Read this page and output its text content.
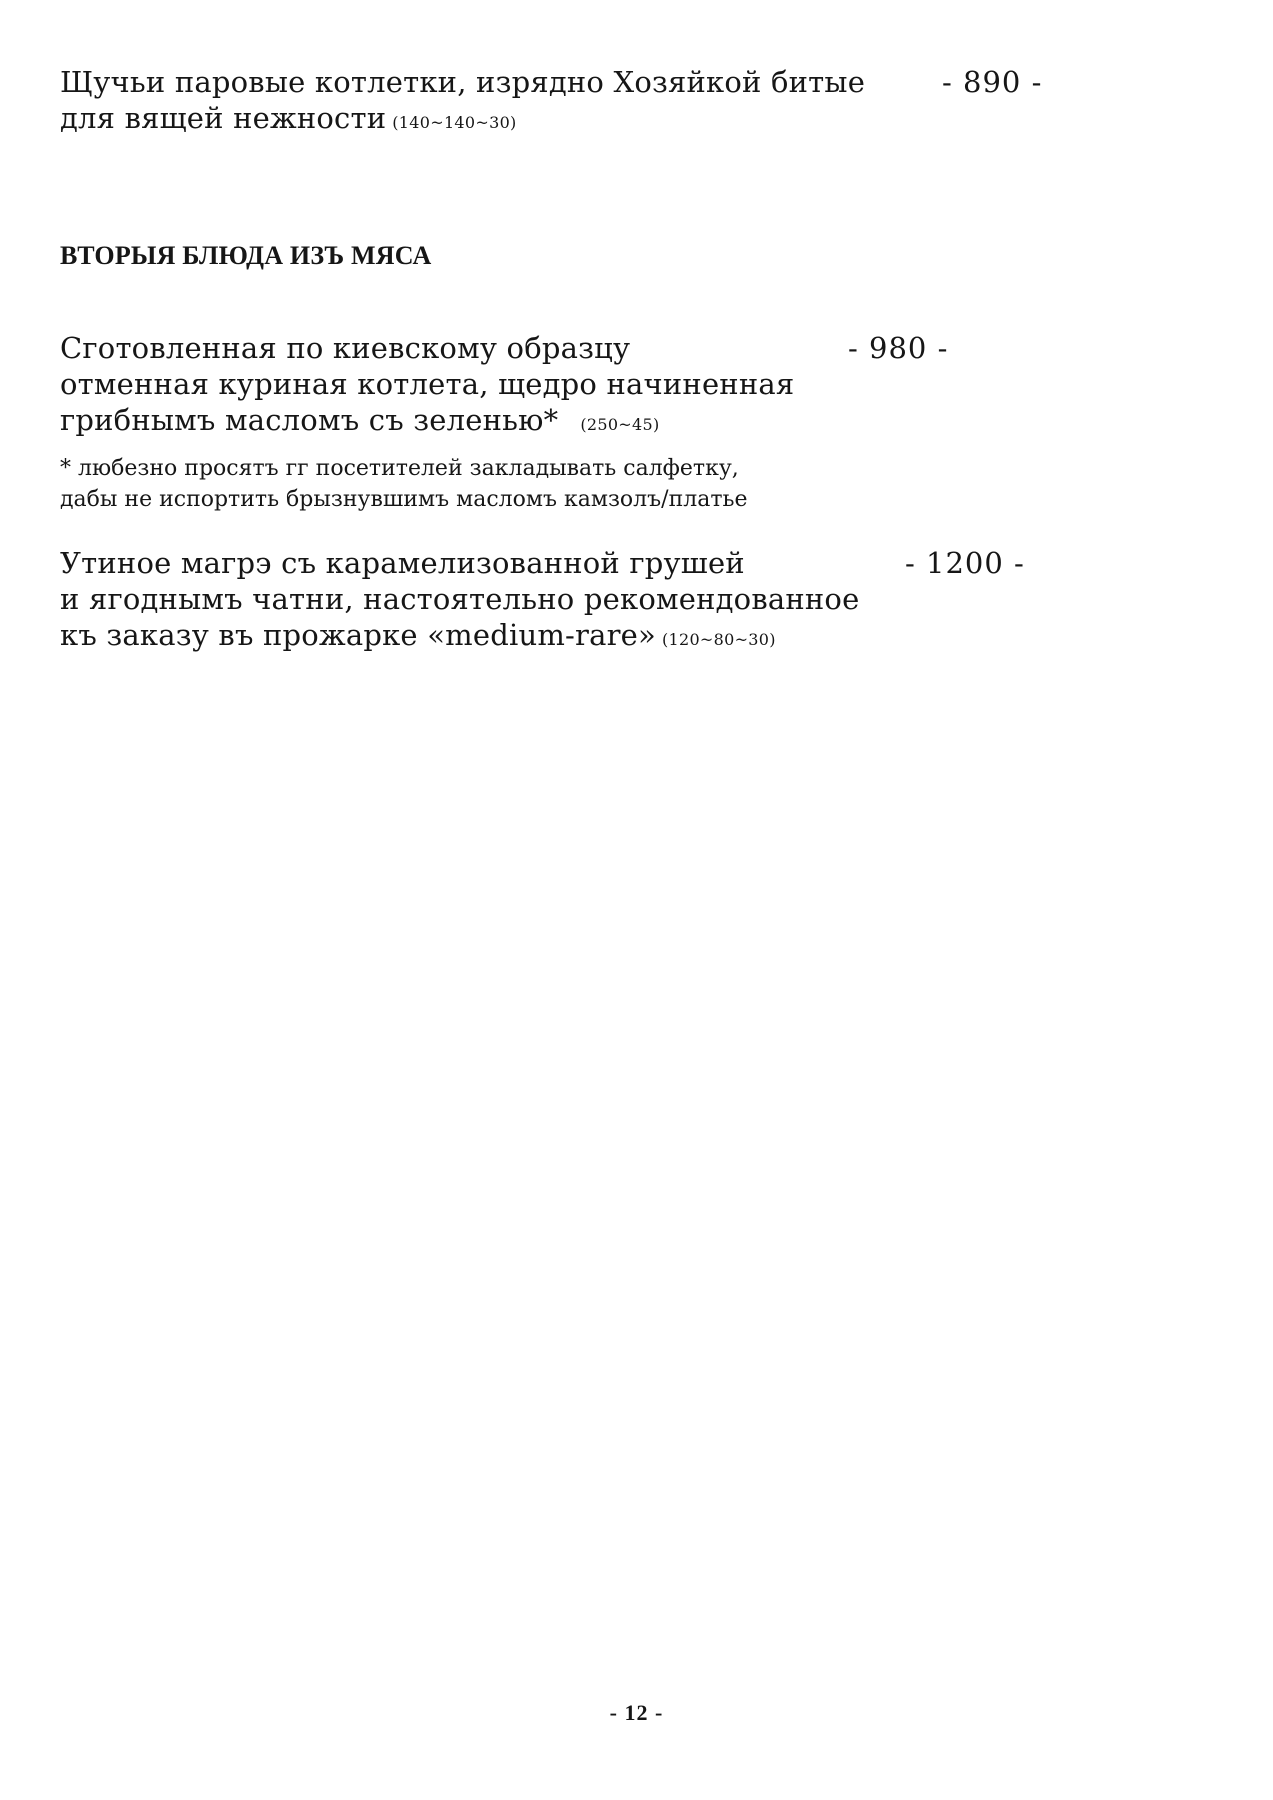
Щучьи паровые котлетки, изрядно Хозяйкой битые
для вящей нежности (140~140~30)
- 890 -
ВТОРЫЯ БЛЮДА ИЗЪ МЯСА
Сготовленная по киевскому образцу
отменная куриная котлета, щедро начиненная
грибнымъ масломъ съ зеленью* (250~45)
- 980 -
* любезно просятъ гг посетителей закладывать салфетку,
дабы не испортить брызнувшимъ масломъ камзолъ/платье
Утиное магрэ съ карамелизованной грушей
и ягоднымъ чатни, настоятельно рекомендованное
къ заказу въ прожарке «medium-rare» (120~80~30)
- 1200 -
- 12 -
